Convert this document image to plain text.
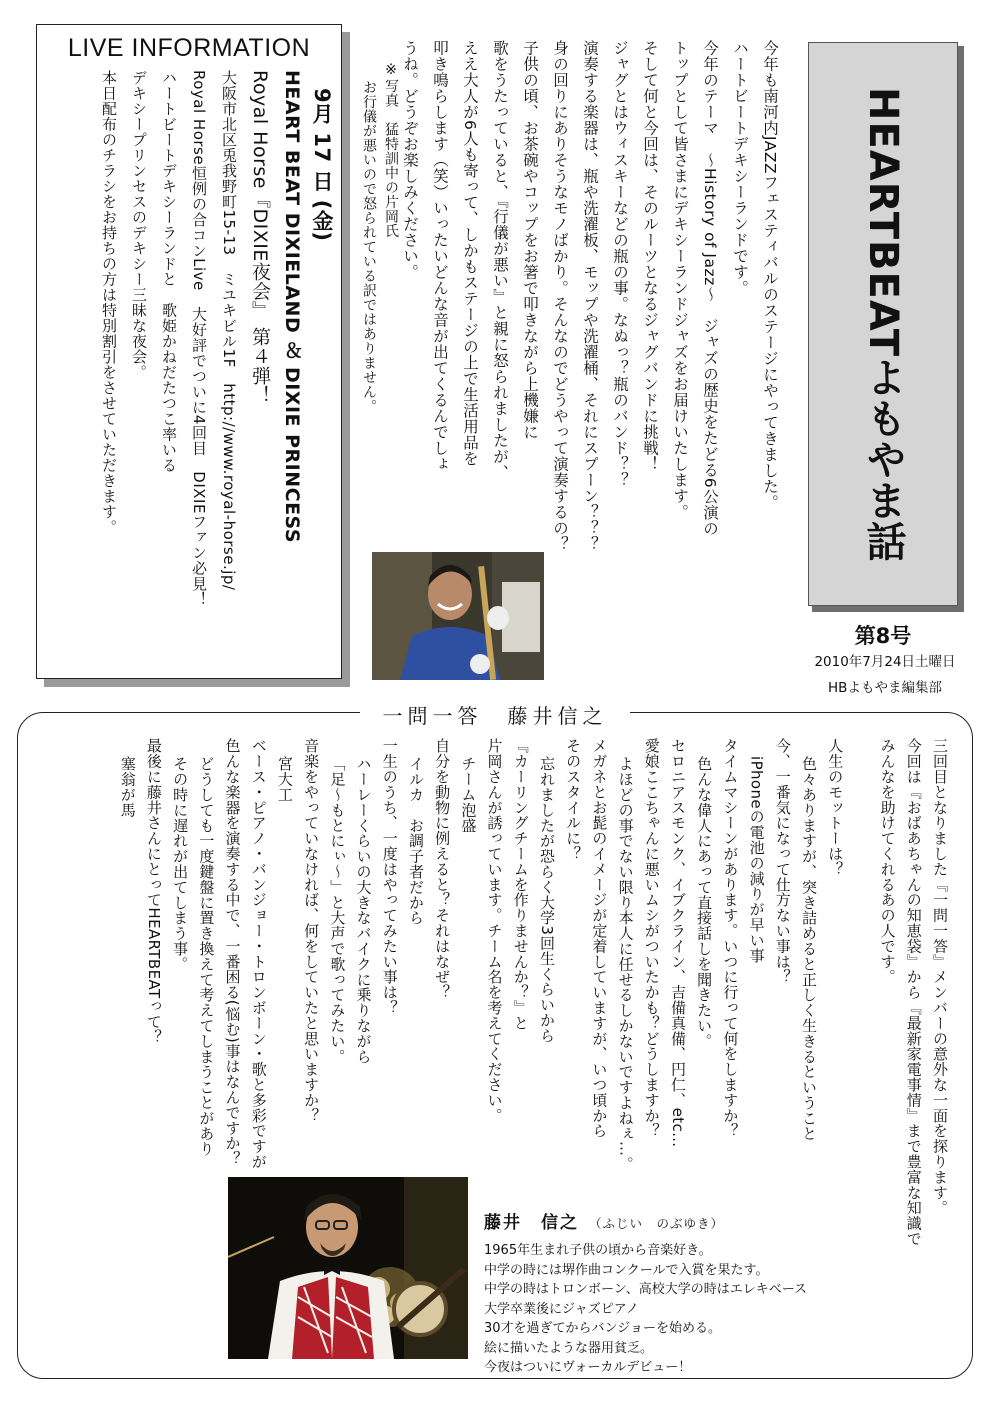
LIVE INFORMATION

9月 17 日 (金)

HEART BEAT DIXIELAND ＆ DIXIE PRINCESS

Royal Horse『DIXIE夜会』 第４弾！

大阪市北区兎我野町15-13　ミユキビル1F　http://www.royal-horse.jp/

Royal Horse恒例の合コンLive　大好評でついに4回目　DIXIEファン必見！

ハートビートデキシーランドと　歌姫かねだたつこ率いる

デキシープリンセスのデキシー三昧な夜会。

本日配布のチラシをお持ちの方は特別割引をさせていただきます。	※写真　猛特訓中の片岡氏

お行儀が悪いので怒られている訳ではありません。	今年も南河内JAZZフェスティバルのステージにやってきました。

ハートビートデキシーランドです。

今年のテーマ　～History of Jazz～　ジャズの歴史をたどる6公演の

トップとして皆さまにデキシーランドジャズをお届けいたします。

そして何と今回は、そのルーツとなるジャグバンドに挑戦！

ジャグとはウィスキーなどの瓶の事。なぬっ？瓶のバンド？？

演奏する楽器は、瓶や洗濯板、モップや洗濯桶、それにスプーン？？？

身の回りにありそうなモノばかり。そんなのでどうやって演奏するの？

子供の頃、お茶碗やコップをお箸で叩きながら上機嫌に

歌をうたっていると、『行儀が悪い』と親に怒られましたが、

ええ大人が6人も寄って、しかもステージの上で生活用品を

叩き鳴らします（笑）いったいどんな音が出てくるんでしょ

うね。どうぞお楽しみください。	HEARTBEATよもやま話
第8号
2010年7月24日土曜日
HBよもやま編集部
一問一答　藤井信之

三回目となりました『一問一答』メンバーの意外な一面を探ります。

今回は『おばあちゃんの知恵袋』から『最新家電事情』まで豊富な知識で

みんなを助けてくれるあの人です。

人生のモットーは？

色々ありますが、突き詰めると正しく生きるということ

今、一番気になって仕方ない事は？

iPhoneの電池の減りが早い事

タイムマシーンがあります。いつに行って何をしますか？

色んな偉人にあって直接話しを聞きたい。

セロニアスモンク、イブクライン、吉備真備、円仁、etc…

愛娘ここちゃんに悪いムシがついたかも？どうしますか？

よほどの事でない限り本人に任せるしかないですよねぇ…。

メガネとお髭のイメージが定着していますが、いつ頃から

そのスタイルに？

忘れましたが恐らく大学3回生くらいから

『カーリングチームを作りませんか？』と

片岡さんが誘っています。チーム名を考えてください。

チーム泡盛

自分を動物に例えると？それはなぜ？

イルカ　お調子者だから

一生のうち、一度はやってみたい事は？

ハーレーくらいの大きなバイクに乗りながら

「足～もとにぃ～」と大声で歌ってみたい。

音楽をやっていなければ、何をしていたと思いますか？

宮大工

ベース・ピアノ・バンジョー・トロンボーン・歌と多彩ですが

色んな楽器を演奏する中で、一番困る(悩む)事はなんですか？

どうしても一度鍵盤に置き換えて考えてしまうことがあり

その時に遅れが出てしまう事。

最後に藤井さんにとってHEARTBEATって？

塞翁が馬

藤井　信之 （ふじい　のぶゆき）

1965年生まれ子供の頃から音楽好き。

中学の時には堺作曲コンクールで入賞を果たす。

中学の時はトロンボーン、高校大学の時はエレキベース

大学卒業後にジャズピアノ

30才を過ぎてからバンジョーを始める。

絵に描いたような器用貧乏。

今夜はついにヴォーカルデビュー！
